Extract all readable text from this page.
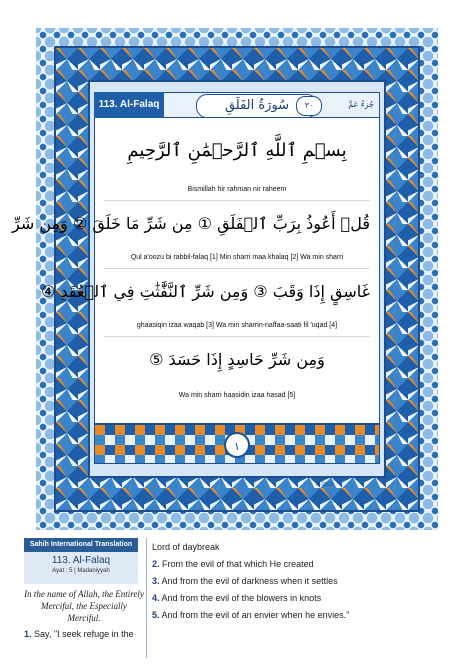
113. Al-Falaq	سُورَةُ الفَلَقِ	٣٠	جُزءُ عَمَّ
بِسۡمِ ٱللَّهِ ٱلرَّحۡمَٰنِ ٱلرَّحِيمِ
Bismillah hir rahman nir raheem
قُلۡ أَعُوذُ بِرَبِّ ٱلۡفَلَقِ ① مِن شَرِّ مَا خَلَقَ ② وَمِن شَرِّ
Qul a'oozu bi rabbil-falaq [1] Min sharri maa khalaq [2] Wa min sharri
غَاسِقٍ إِذَا وَقَبَ ③ وَمِن شَرِّ ٱلنَّفَّٰثَٰتِ فِي ٱلۡعُقَدِ ④
ghaasiqin izaa waqab [3] Wa min sharrin-naffaa-saati fil 'uqad [4]
وَمِن شَرِّ حَاسِدٍ إِذَا حَسَدَ ⑤
Wa min sharri haasidin izaa hasad [5]
١
M-2009
Sahih International Translation
113. Al-Falaq
Ayat : 5 | Madaniyyah
In the name of Allah, the Entirely Merciful, the Especially Merciful.
1. Say, "I seek refuge in the
Lord of daybreak
2. From the evil of that which He created
3. And from the evil of darkness when it settles
4. And from the evil of the blowers in knots
5. And from the evil of an envier when he envies."
